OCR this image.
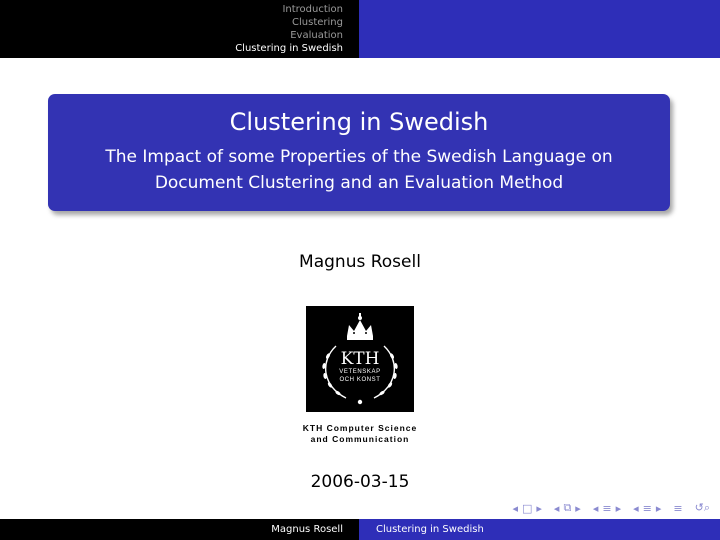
Introduction
Clustering
Evaluation
Clustering in Swedish
Clustering in Swedish
The Impact of some Properties of the Swedish Language on Document Clustering and an Evaluation Method
Magnus Rosell
KTH
VETENSKAP
OCH KONST
KTH Computer Science
and Communication
2006-03-15
◂ □ ▸ ◂ ⧉ ▸ ◂ ≡ ▸ ◂ ≡ ▸ ≡ ↺⌕
Magnus Rosell	Clustering in Swedish
